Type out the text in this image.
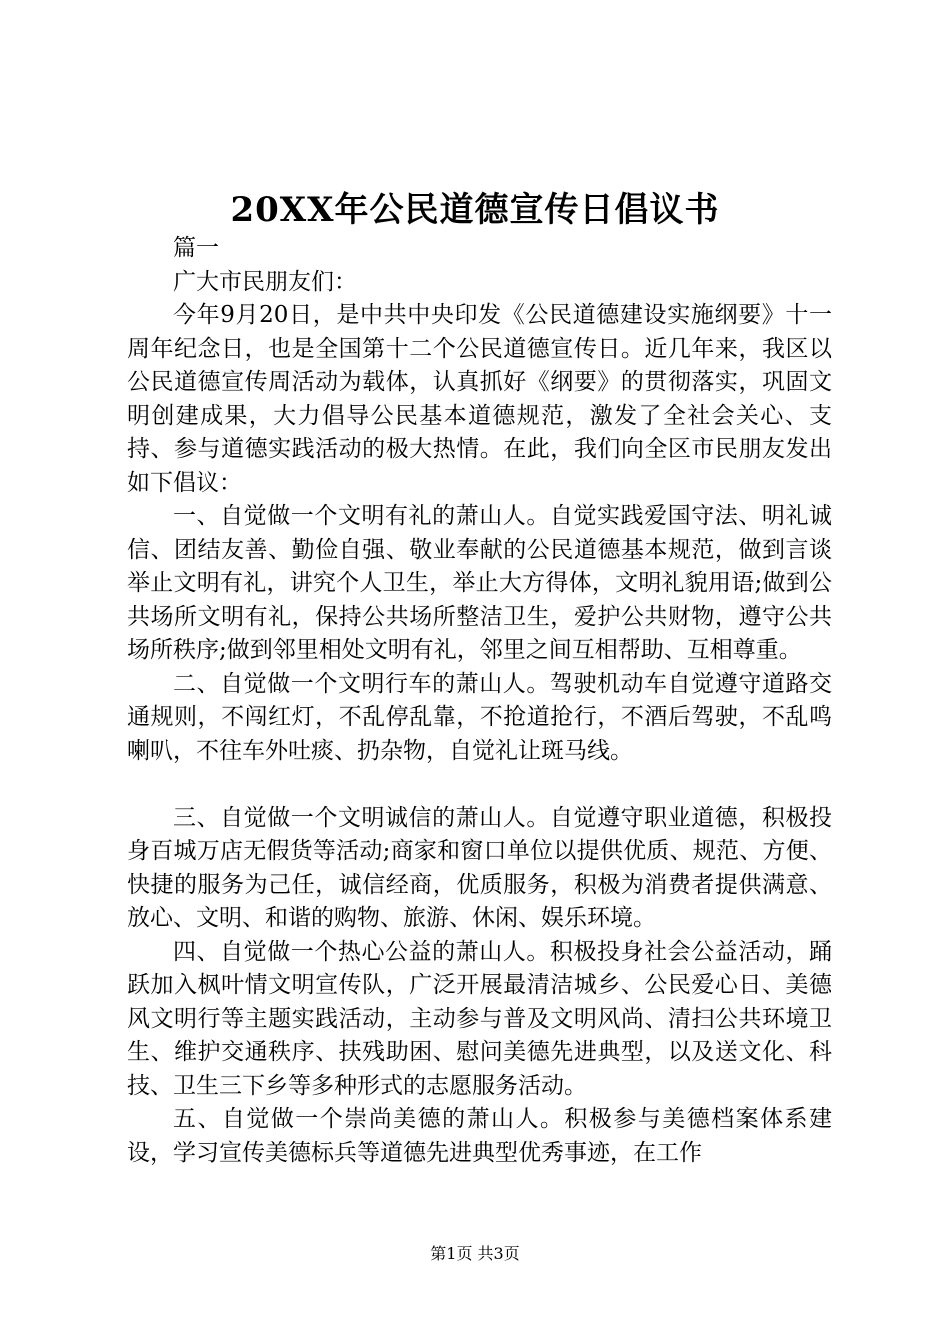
20XX年公民道德宣传日倡议书

篇一

广大市民朋友们：

今年9月20日，是中共中央印发《公民道德建设实施纲要》十一周年纪念日，也是全国第十二个公民道德宣传日。近几年来，我区以公民道德宣传周活动为载体，认真抓好《纲要》的贯彻落实，巩固文明创建成果，大力倡导公民基本道德规范，激发了全社会关心、支持、参与道德实践活动的极大热情。在此，我们向全区市民朋友发出如下倡议：

一、自觉做一个文明有礼的萧山人。自觉实践爱国守法、明礼诚信、团结友善、勤俭自强、敬业奉献的公民道德基本规范，做到言谈举止文明有礼，讲究个人卫生，举止大方得体，文明礼貌用语;做到公共场所文明有礼，保持公共场所整洁卫生，爱护公共财物，遵守公共场所秩序;做到邻里相处文明有礼，邻里之间互相帮助、互相尊重。

二、自觉做一个文明行车的萧山人。驾驶机动车自觉遵守道路交通规则，不闯红灯，不乱停乱靠，不抢道抢行，不酒后驾驶，不乱鸣喇叭，不往车外吐痰、扔杂物，自觉礼让斑马线。

三、自觉做一个文明诚信的萧山人。自觉遵守职业道德，积极投身百城万店无假货等活动;商家和窗口单位以提供优质、规范、方便、快捷的服务为己任，诚信经商，优质服务，积极为消费者提供满意、放心、文明、和谐的购物、旅游、休闲、娱乐环境。

四、自觉做一个热心公益的萧山人。积极投身社会公益活动，踊跃加入枫叶情文明宣传队，广泛开展最清洁城乡、公民爱心日、美德风文明行等主题实践活动，主动参与普及文明风尚、清扫公共环境卫生、维护交通秩序、扶残助困、慰问美德先进典型，以及送文化、科技、卫生三下乡等多种形式的志愿服务活动。

五、自觉做一个崇尚美德的萧山人。积极参与美德档案体系建设，学习宣传美德标兵等道德先进典型优秀事迹，在工作

第1页 共3页
